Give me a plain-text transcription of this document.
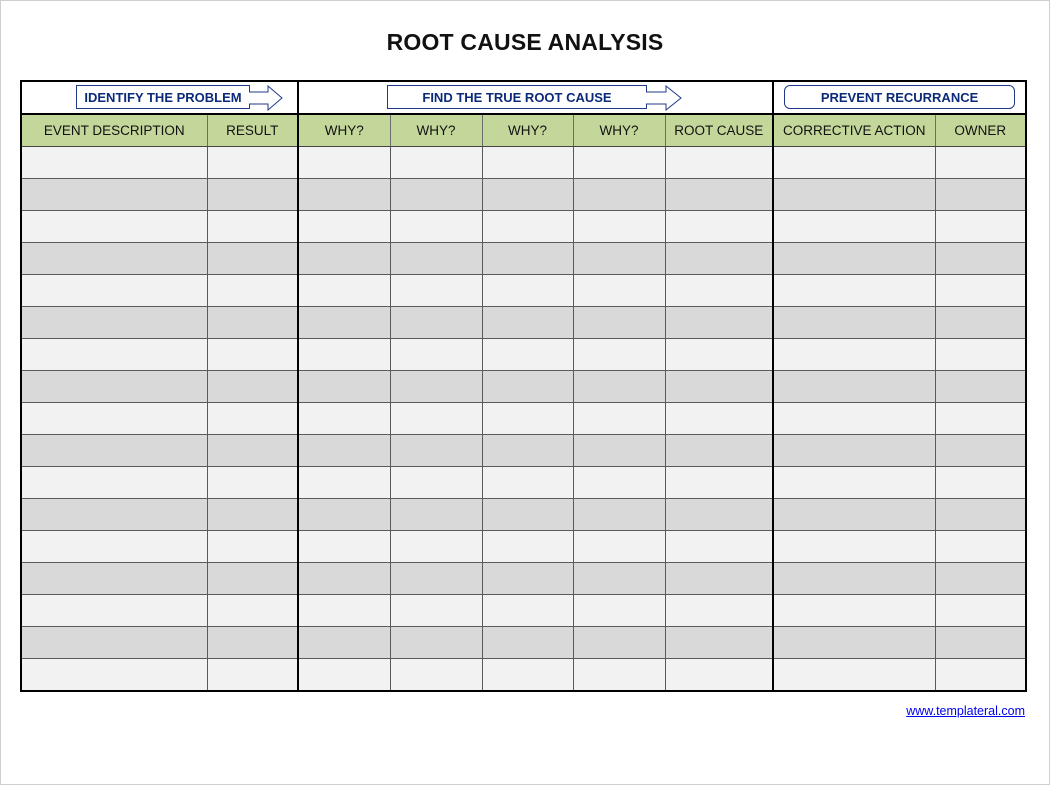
ROOT CAUSE ANALYSIS
IDENTIFY THE PROBLEM		FIND THE TRUE ROOT CAUSE					PREVENT RECURRANCE	

EVENT DESCRIPTION	RESULT	WHY?	WHY?	WHY?	WHY?	ROOT CAUSE	CORRECTIVE ACTION	OWNER

www.templateral.com
